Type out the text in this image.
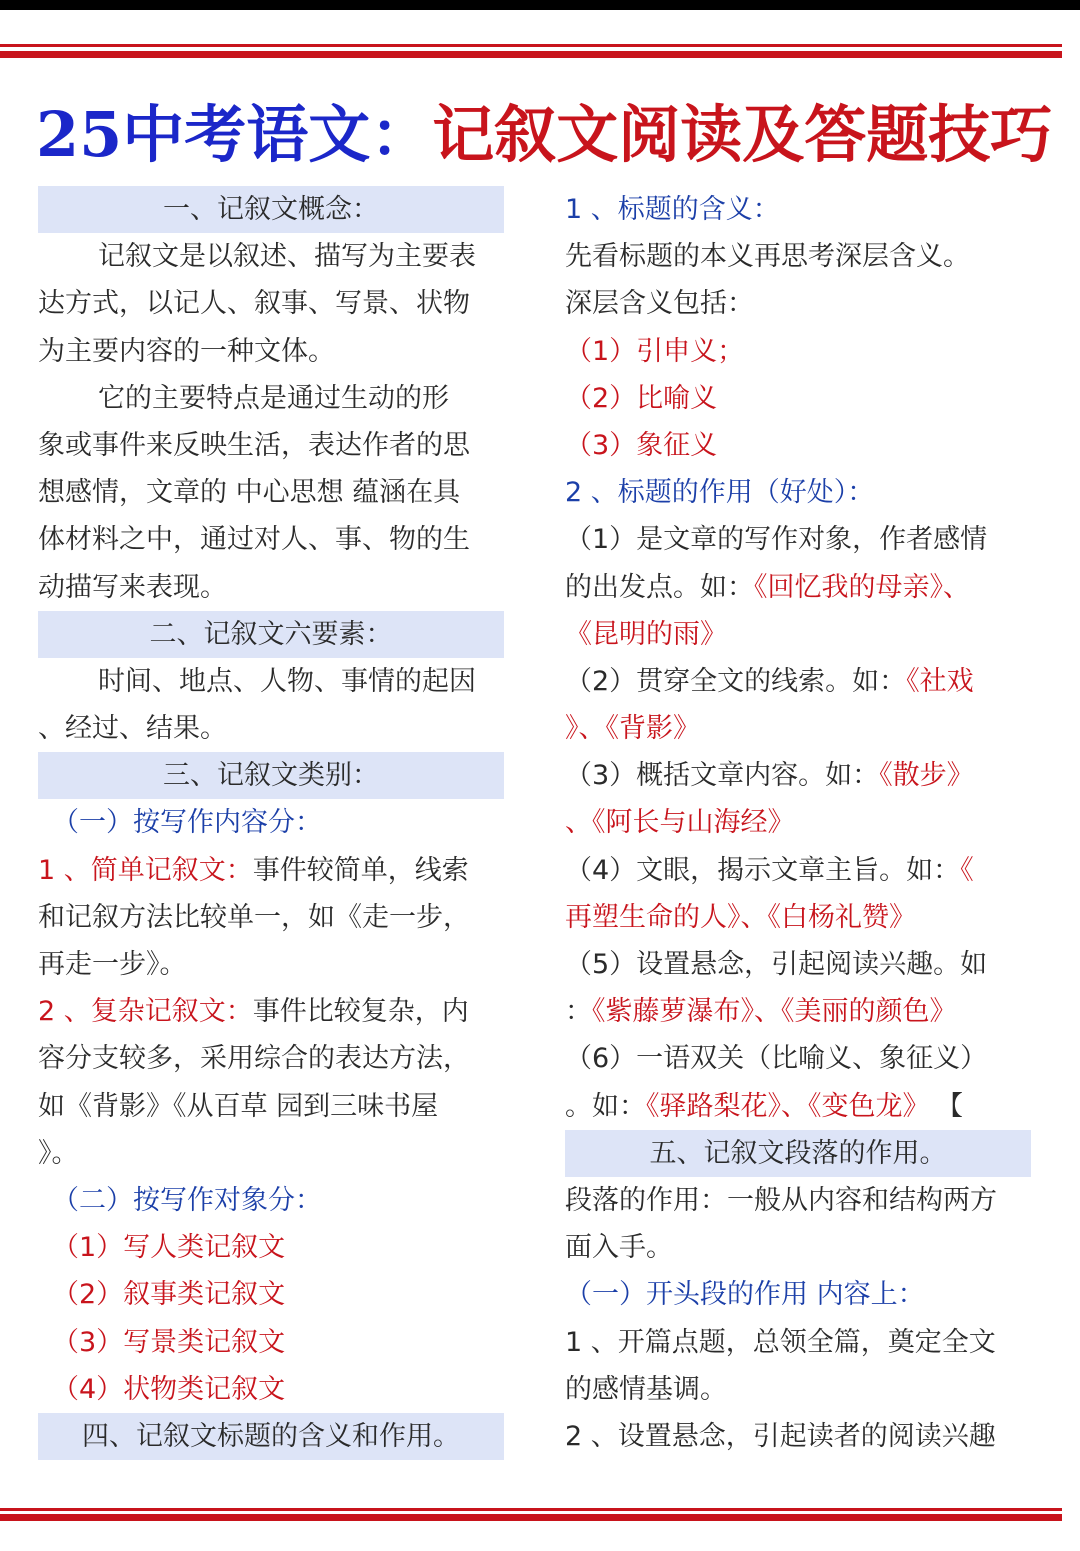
25中考语文：记叙文阅读及答题技巧
一、记叙文概念：
记叙文是以叙述、描写为主要表
达方式，以记人、叙事、写景、状物
为主要内容的一种文体。
它的主要特点是通过生动的形
象或事件来反映生活，表达作者的思
想感情，文章的 中心思想 蕴涵在具
体材料之中，通过对人、事、物的生
动描写来表现。
二、记叙文六要素：
时间、地点、人物、事情的起因
、经过、结果。
三、记叙文类别：
（一）按写作内容分：
1 、简单记叙文：事件较简单，线索
和记叙方法比较单一，如《走一步，
再走一步》。
2 、复杂记叙文：事件比较复杂，内
容分支较多，采用综合的表达方法，
如《背影》《从百草 园到三味书屋
》。
（二）按写作对象分：
（1）写人类记叙文
（2）叙事类记叙文
（3）写景类记叙文
（4）状物类记叙文
四、记叙文标题的含义和作用。
1 、标题的含义：
先看标题的本义再思考深层含义。
深层含义包括：
（1）引申义；
（2）比喻义
（3）象征义
2 、标题的作用（好处）：
（1）是文章的写作对象，作者感情
的出发点。如：《回忆我的母亲》、
《昆明的雨》
（2）贯穿全文的线索。如：《社戏
》、《背影》
（3）概括文章内容。如：《散步》
、《阿长与山海经》
（4）文眼，揭示文章主旨。如：《
再塑生命的人》、《白杨礼赞》
（5）设置悬念，引起阅读兴趣。如
：《紫藤萝瀑布》、《美丽的颜色》
（6）一语双关（比喻义、象征义）
。如：《驿路梨花》、《变色龙》 【
五、记叙文段落的作用。
段落的作用：一般从内容和结构两方
面入手。
（一）开头段的作用 内容上：
1 、开篇点题，总领全篇，奠定全文
的感情基调。
2 、设置悬念，引起读者的阅读兴趣
